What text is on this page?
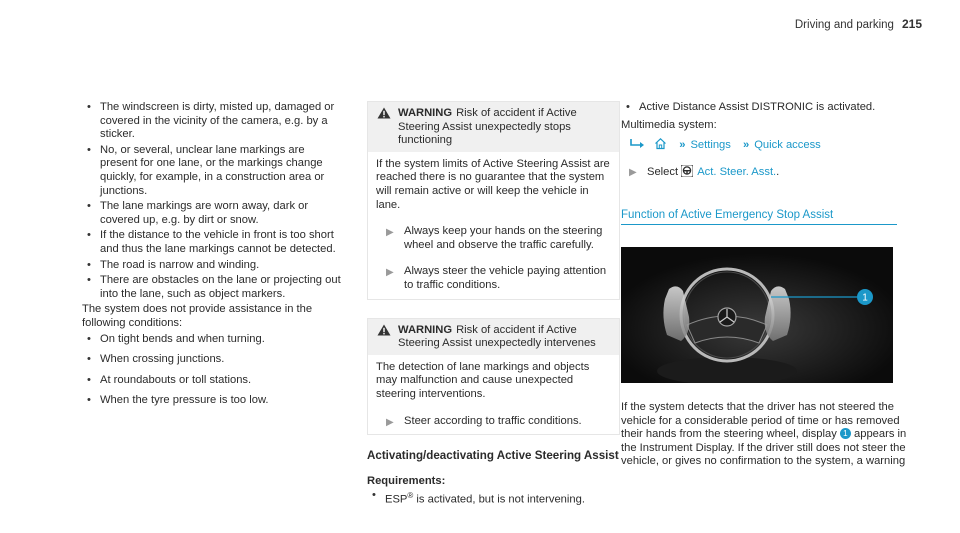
Driving and parking 215
• The windscreen is dirty, misted up, damaged or covered in the vicinity of the camera, e.g. by a sticker.
• No, or several, unclear lane markings are present for one lane, or the markings change quickly, for example, in a construction area or junctions.
• The lane markings are worn away, dark or covered up, e.g. by dirt or snow.
• If the distance to the vehicle in front is too short and thus the lane markings cannot be detected.
• The road is narrow and winding.
• There are obstacles on the lane or projecting out into the lane, such as object markers.

The system does not provide assistance in the following conditions:

• On tight bends and when turning.
• When crossing junctions.
• At roundabouts or toll stations.
• When the tyre pressure is too low.
WARNING Risk of accident if Active Steering Assist unexpectedly stops functioning

If the system limits of Active Steering Assist are reached there is no guarantee that the system will remain active or will keep the vehicle in lane.

▶ Always keep your hands on the steering wheel and observe the traffic carefully.
▶ Always steer the vehicle paying attention to traffic conditions.
WARNING Risk of accident if Active Steering Assist unexpectedly intervenes

The detection of lane markings and objects may malfunction and cause unexpected steering interventions.

▶ Steer according to traffic conditions.
Activating/deactivating Active Steering Assist
Requirements:
• ESP® is activated, but is not intervening.
• Active Distance Assist DISTRONIC is activated.

Multimedia system:

» Settings » Quick access
▶ Select Act. Steer. Asst..
Function of Active Emergency Stop Assist
1

If the system detects that the driver has not steered the vehicle for a considerable period of time or has removed their hands from the steering wheel, display 1 appears in the Instrument Display. If the driver still does not steer the vehicle, or gives no confirmation to the system, a warning
